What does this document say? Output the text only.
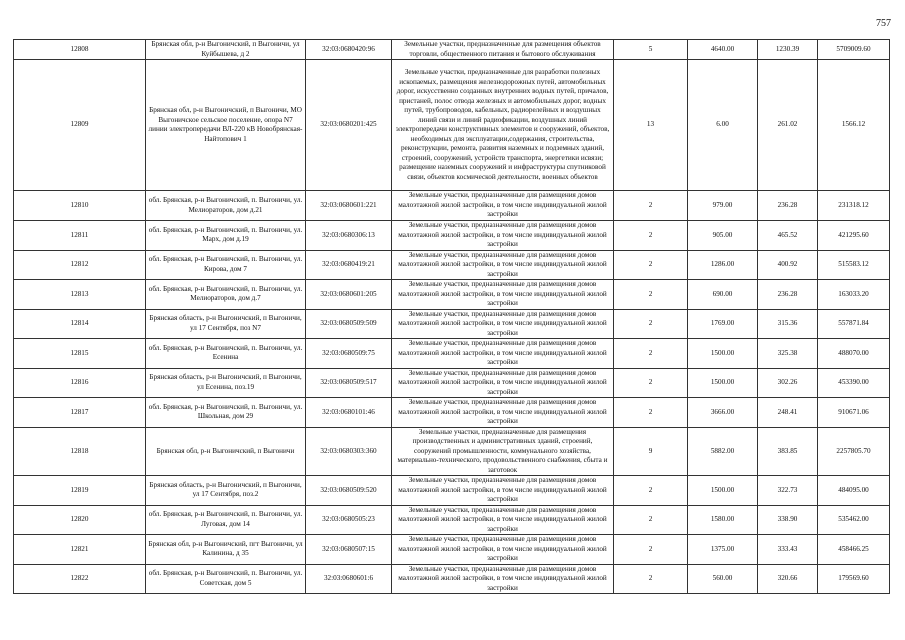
757
12808	Брянская обл, р-н Выгоничский, п Выгоничи, ул Куйбышева, д 2	32:03:0680420:96	Земельные участки, предназначенные для размещения объектов торговли, общественного питания и бытового обслуживания	5	4640.00	1230.39	5709009.60
12809	Брянская обл, р-н Выгоничский, п Выгоничи, МО Выгоничское сельское поселение, опора N7 линии электропередачи ВЛ-220 кВ Новобрянская-Найтопович 1	32:03:0680201:425	Земельные участки, предназначенные для разработки полезных ископаемых, размещения железнодорожных путей, автомобильных дорог, искусственно созданных внутренних водных путей, причалов, пристаней, полос отвода железных и автомобильных дорог, водных путей, трубопроводов, кабельных, радиорелейных и воздушных линий связи и линий радиофикации, воздушных линий электропередачи конструктивных элементов и сооружений, объектов, необходимых для эксплуатации,содержания, строительства, реконструкции, ремонта, развития наземных и подземных зданий, строений, сооружений, устройств транспорта, энергетики исвязи; размещение наземных сооружений и инфраструктуры спутниковой связи, объектов космической деятельности, военных объектов	13	6.00	261.02	1566.12
12810	обл. Брянская, р-н Выгоничский, п. Выгоничи, ул. Мелиораторов, дом д.21	32:03:0680601:221	Земельные участки, предназначенные для размещения домов малоэтажной жилой застройки, в том числе индивидуальной жилой застройки	2	979.00	236.28	231318.12
12811	обл. Брянская, р-н Выгоничский, п. Выгоничи, ул. Марх, дом д.19	32:03:0680306:13	Земельные участки, предназначенные для размещения домов малоэтажной жилой застройки, в том числе индивидуальной жилой застройки	2	905.00	465.52	421295.60
12812	обл. Брянская, р-н Выгоничский, п. Выгоничи, ул. Кирова, дом 7	32:03:0680419:21	Земельные участки, предназначенные для размещения домов малоэтажной жилой застройки, в том числе индивидуальной жилой застройки	2	1286.00	400.92	515583.12
12813	обл. Брянская, р-н Выгоничский, п. Выгоничи, ул. Мелиораторов, дом д.7	32:03:0680601:205	Земельные участки, предназначенные для размещения домов малоэтажной жилой застройки, в том числе индивидуальной жилой застройки	2	690.00	236.28	163033.20
12814	Брянская область, р-н Выгоничский, п Выгоничи, ул 17 Сентября, поз N7	32:03:0680509:509	Земельные участки, предназначенные для размещения домов малоэтажной жилой застройки, в том числе индивидуальной жилой застройки	2	1769.00	315.36	557871.84
12815	обл. Брянская, р-н Выгоничский, п. Выгоничи, ул. Есенина	32:03:0680509:75	Земельные участки, предназначенные для размещения домов малоэтажной жилой застройки, в том числе индивидуальной жилой застройки	2	1500.00	325.38	488070.00
12816	Брянская область, р-н Выгоничский, п Выгоничи, ул Есенина, поз.19	32:03:0680509:517	Земельные участки, предназначенные для размещения домов малоэтажной жилой застройки, в том числе индивидуальной жилой застройки	2	1500.00	302.26	453390.00
12817	обл. Брянская, р-н Выгоничский, п. Выгоничи, ул. Школьная, дом 29	32:03:0680101:46	Земельные участки, предназначенные для размещения домов малоэтажной жилой застройки, в том числе индивидуальной жилой застройки	2	3666.00	248.41	910671.06
12818	Брянская обл, р-н Выгоничский, п Выгоничи	32:03:0680303:360	Земельные участки, предназначенные для размещения производственных и административных зданий, строений, сооружений промышленности, коммунального хозяйства, материально-технического, продовольственного снабжения, сбыта и заготовок	9	5882.00	383.85	2257805.70
12819	Брянская область, р-н Выгоничский, п Выгоничи, ул 17 Сентября, поз.2	32:03:0680509:520	Земельные участки, предназначенные для размещения домов малоэтажной жилой застройки, в том числе индивидуальной жилой застройки	2	1500.00	322.73	484095.00
12820	обл. Брянская, р-н Выгоничский, п. Выгоничи, ул. Луговая, дом 14	32:03:0680505:23	Земельные участки, предназначенные для размещения домов малоэтажной жилой застройки, в том числе индивидуальной жилой застройки	2	1580.00	338.90	535462.00
12821	Брянская обл, р-н Выгоничский, пгт Выгоничи, ул Калинина, д 35	32:03:0680507:15	Земельные участки, предназначенные для размещения домов малоэтажной жилой застройки, в том числе индивидуальной жилой застройки	2	1375.00	333.43	458466.25
12822	обл. Брянская, р-н Выгоничский, п. Выгоничи, ул. Советская, дом 5	32:03:0680601:6	Земельные участки, предназначенные для размещения домов малоэтажной жилой застройки, в том числе индивидуальной жилой застройки	2	560.00	320.66	179569.60
